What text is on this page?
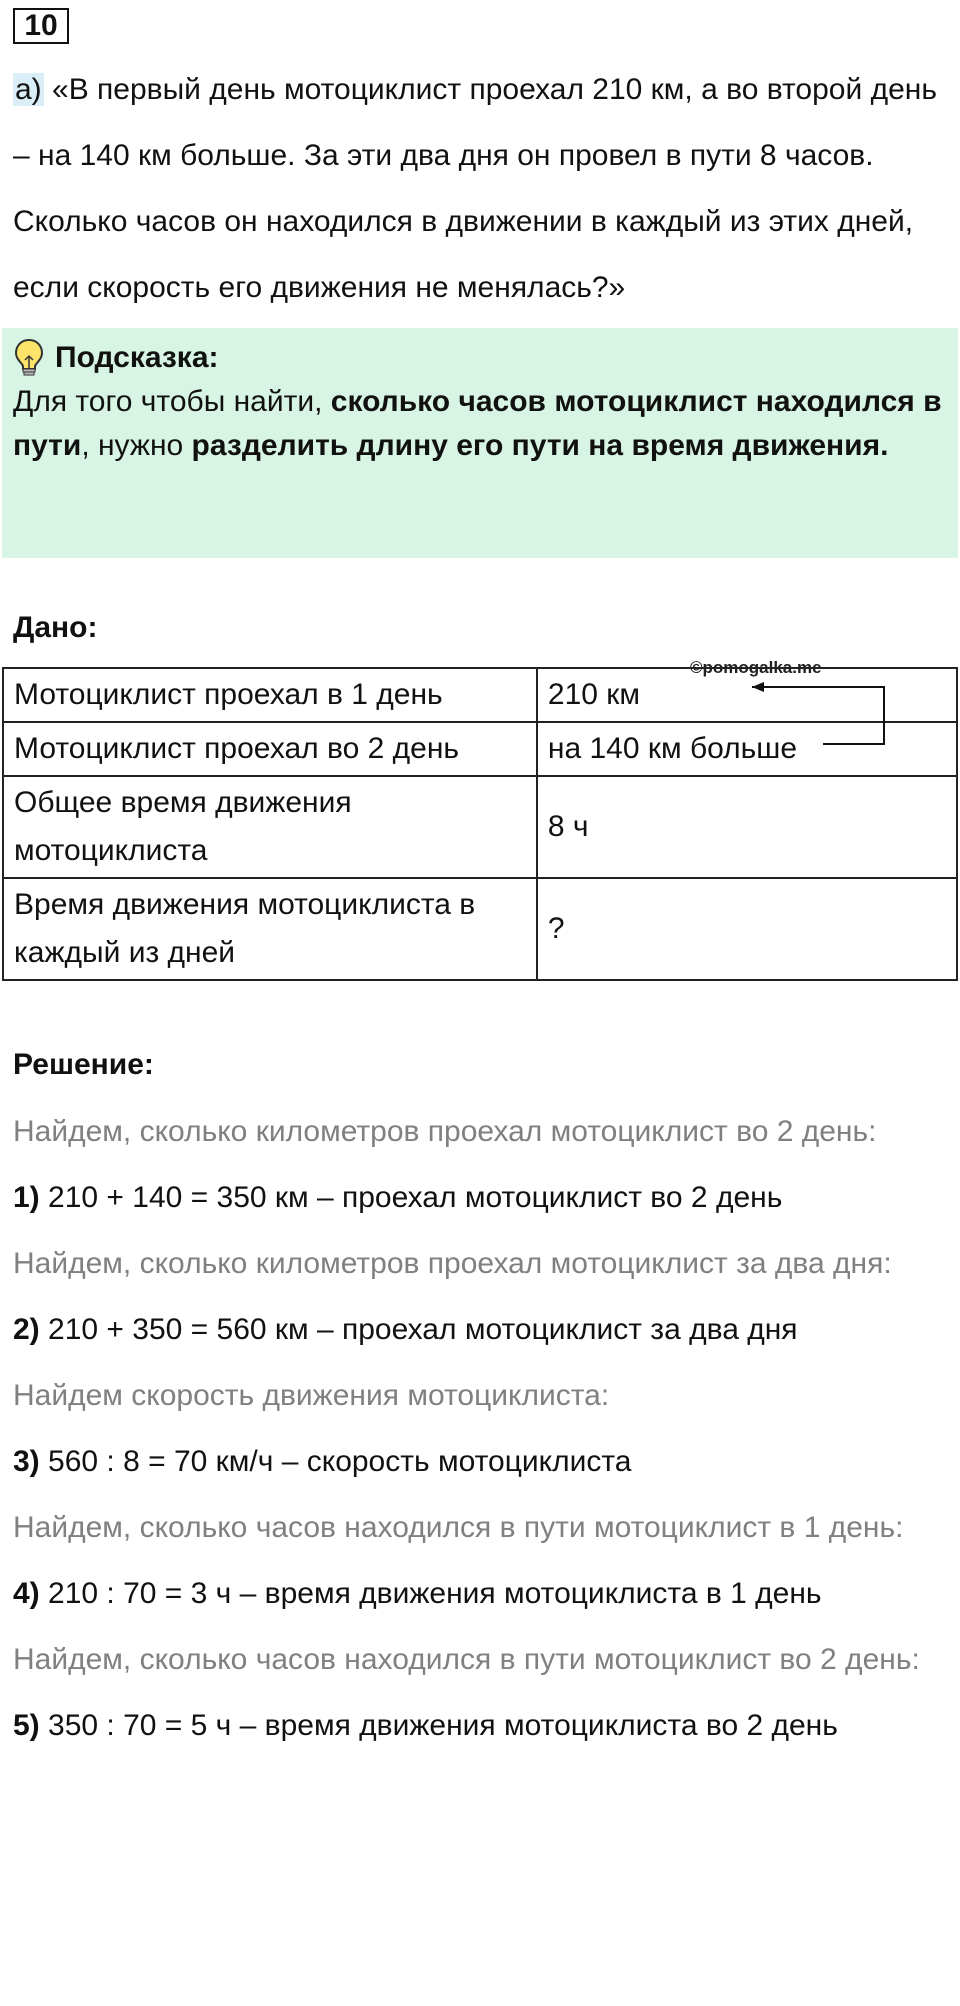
10
а) «В первый день мотоциклист проехал 210 км, а во второй день – на 140 км больше. За эти два дня он провел в пути 8 часов. Сколько часов он находился в движении в каждый из этих дней, если скорость его движения не менялась?»
Подсказка:
Для того чтобы найти, сколько часов мотоциклист находился в пути, нужно разделить длину его пути на время движения.
Дано:
Мотоциклист проехал в 1 день	210 км
Мотоциклист проехал во 2 день	на 140 км больше
Общее время движения мотоциклиста	8 ч
Время движения мотоциклиста в каждый из дней	?
©pomogalka.me
Решение:
Найдем, сколько километров проехал мотоциклист во 2 день:
1) 210 + 140 = 350 км – проехал мотоциклист во 2 день
Найдем, сколько километров проехал мотоциклист за два дня:
2) 210 + 350 = 560 км – проехал мотоциклист за два дня
Найдем скорость движения мотоциклиста:
3) 560 : 8 = 70 км/ч – скорость мотоциклиста
Найдем, сколько часов находился в пути мотоциклист в 1 день:
4) 210 : 70 = 3 ч – время движения мотоциклиста в 1 день
Найдем, сколько часов находился в пути мотоциклист во 2 день:
5) 350 : 70 = 5 ч – время движения мотоциклиста во 2 день
